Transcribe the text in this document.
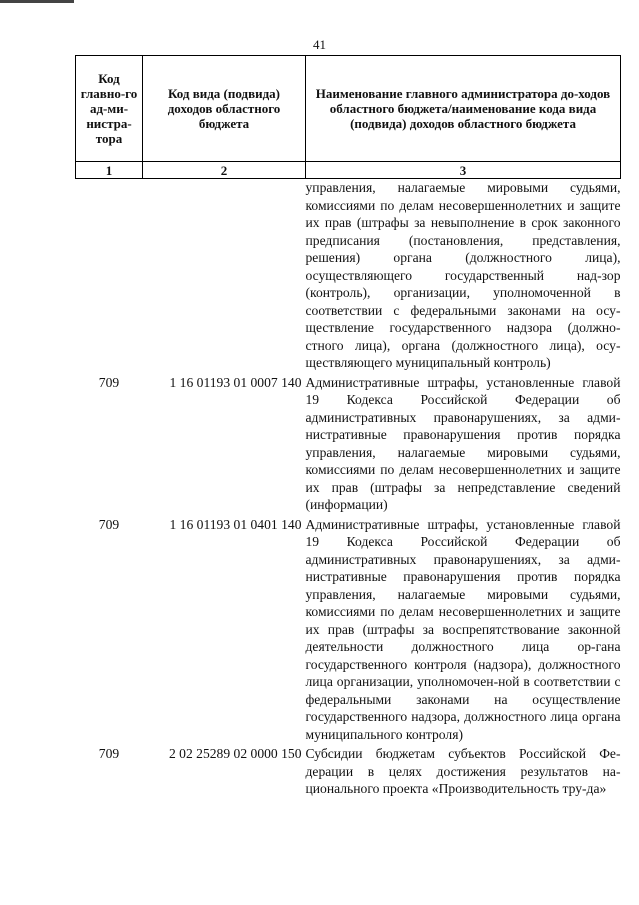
41
Код главно-го ад-ми-нистра-тора	Код вида (подвида) доходов областного бюджета	Наименование главного администратора до-ходов областного бюджета/наименование кода вида (подвида) доходов областного бюджета
1	2	3
		управления, налагаемые мировыми судьями, комиссиями по делам несовершеннолетних и защите их прав (штрафы за невыполнение в срок законного предписания (постановления, представления, решения) органа (должностного лица), осуществляющего государственный над-зор (контроль), организации, уполномоченной в соответствии с федеральными законами на осу-ществление государственного надзора (должно-стного лица), органа (должностного лица), осу-ществляющего муниципальный контроль)
709	1 16 01193 01 0007 140	Административные штрафы, установленные главой 19 Кодекса Российской Федерации об административных правонарушениях, за адми-нистративные правонарушения против порядка управления, налагаемые мировыми судьями, комиссиями по делам несовершеннолетних и защите их прав (штрафы за непредставление сведений (информации)
709	1 16 01193 01 0401 140	Административные штрафы, установленные главой 19 Кодекса Российской Федерации об административных правонарушениях, за адми-нистративные правонарушения против порядка управления, налагаемые мировыми судьями, комиссиями по делам несовершеннолетних и защите их прав (штрафы за воспрепятствование законной деятельности должностного лица ор-гана государственного контроля (надзора), должностного лица организации, уполномочен-ной в соответствии с федеральными законами на осуществление государственного надзора, должностного лица органа муниципального контроля)
709	2 02 25289 02 0000 150	Субсидии бюджетам субъектов Российской Фе-дерации в целях достижения результатов на-ционального проекта «Производительность тру-да»
